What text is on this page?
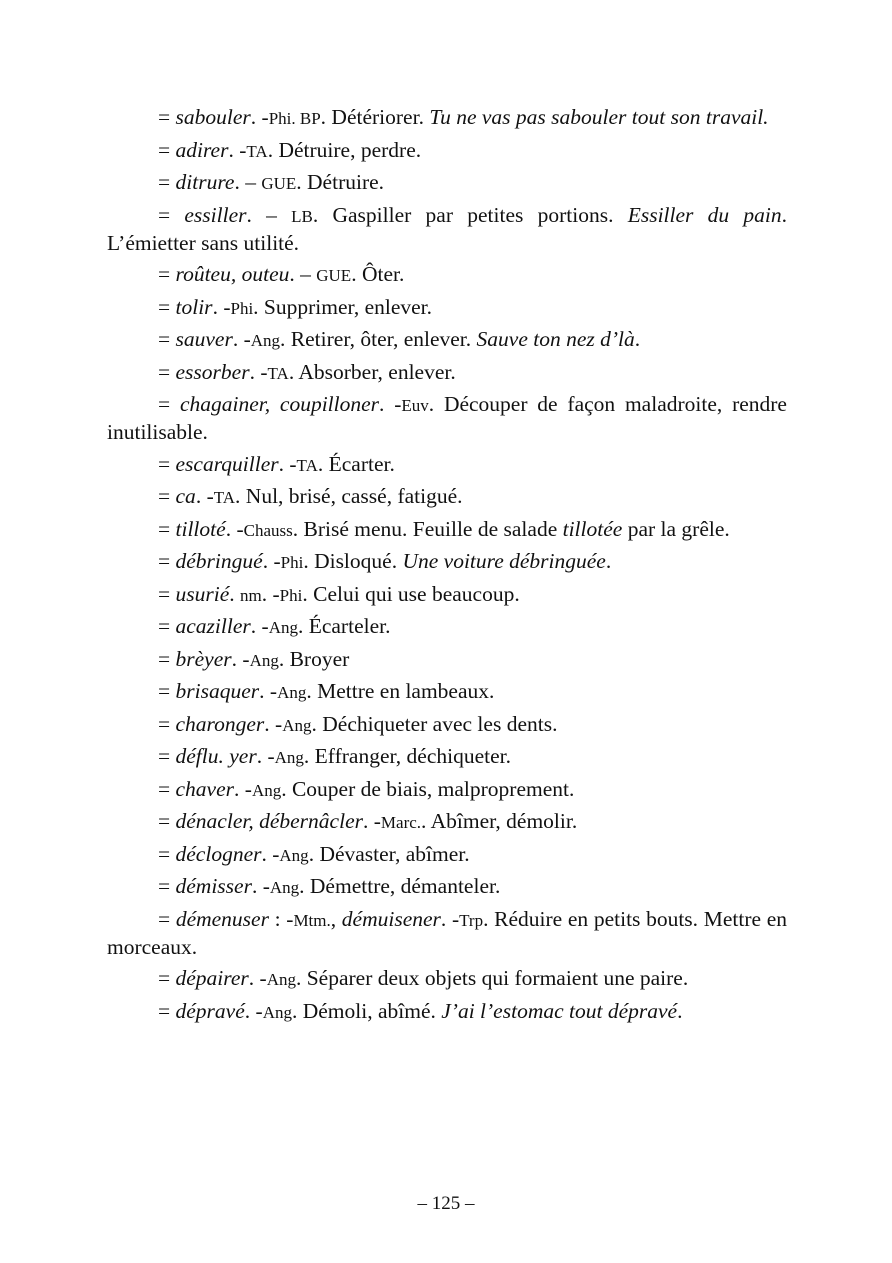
= sabouler. -Phi. BP. Détériorer. Tu ne vas pas sabouler tout son travail.

= adirer. -TA. Détruire, perdre.

= ditrure. – GUE. Détruire.

= essiller. – LB. Gaspiller par petites portions. Essiller du pain. L’émietter sans utilité.

= roûteu, outeu. – GUE. Ôter.

= tolir. -Phi. Supprimer, enlever.

= sauver. -Ang. Retirer, ôter, enlever. Sauve ton nez d’là.

= essorber. -TA. Absorber, enlever.

= chagainer, coupilloner. -Euv. Découper de façon maladroite, rendre inutilisable.

= escarquiller. -TA. Écarter.

= ca. -TA. Nul, brisé, cassé, fatigué.

= tilloté. -Chauss. Brisé menu. Feuille de salade tillotée par la grêle.

= débringué. -Phi. Disloqué. Une voiture débringuée.

= usurié. nm. -Phi. Celui qui use beaucoup.

= acaziller. -Ang. Écarteler.

= brèyer. -Ang. Broyer

= brisaquer. -Ang. Mettre en lambeaux.

= charonger. -Ang. Déchiqueter avec les dents.

= déflu. yer. -Ang. Effranger, déchiqueter.

= chaver. -Ang. Couper de biais, malproprement.

= dénacler, débernâcler. -Marc.. Abîmer, démolir.

= déclogner. -Ang. Dévaster, abîmer.

= démisser. -Ang. Démettre, démanteler.

= démenuser : -Mtm., démuisener. -Trp. Réduire en petits bouts. Mettre en morceaux.

= dépairer. -Ang. Séparer deux objets qui formaient une paire.

= dépravé. -Ang. Démoli, abîmé. J’ai l’estomac tout dépravé.

– 125 –
